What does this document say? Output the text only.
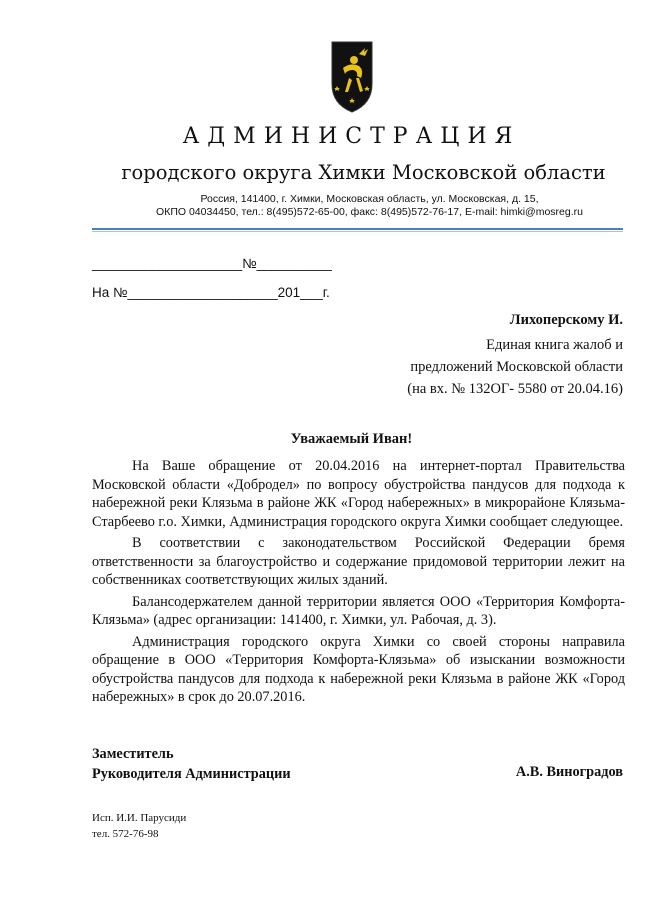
АДМИНИСТРАЦИЯ
городского округа Химки Московской области
Россия, 141400, г. Химки, Московская область, ул. Московская, д. 15,
ОКПО 04034450, тел.: 8(495)572-65-00, факс: 8(495)572-76-17, E-mail: himki@mosreg.ru
____________________№__________
На №____________________201___г.
Лихоперскому И.
Единая книга жалоб и
предложений Московской области
(на вх. № 132ОГ- 5580 от 20.04.16)
Уважаемый Иван!

На Ваше обращение от 20.04.2016 на интернет-портал Правительства Московской области «Добродел» по вопросу обустройства пандусов для подхода к набережной реки Клязьма в районе ЖК «Город набережных» в микрорайоне Клязьма-Старбеево г.о. Химки, Администрация городского округа Химки сообщает следующее.

В соответствии с законодательством Российской Федерации бремя ответственности за благоустройство и содержание придомовой территории лежит на собственниках соответствующих жилых зданий.

Балансодержателем данной территории является ООО «Территория Комфорта-Клязьма» (адрес организации: 141400, г. Химки, ул. Рабочая, д. 3).

Администрация городского округа Химки со своей стороны направила обращение в ООО «Территория Комфорта-Клязьма» об изыскании возможности обустройства пандусов для подхода к набережной реки Клязьма в районе ЖК «Город набережных» в срок до 20.07.2016.

Заместитель
Руководителя Администрации	А.В. Виноградов
Исп. И.И. Парусиди
тел. 572-76-98
